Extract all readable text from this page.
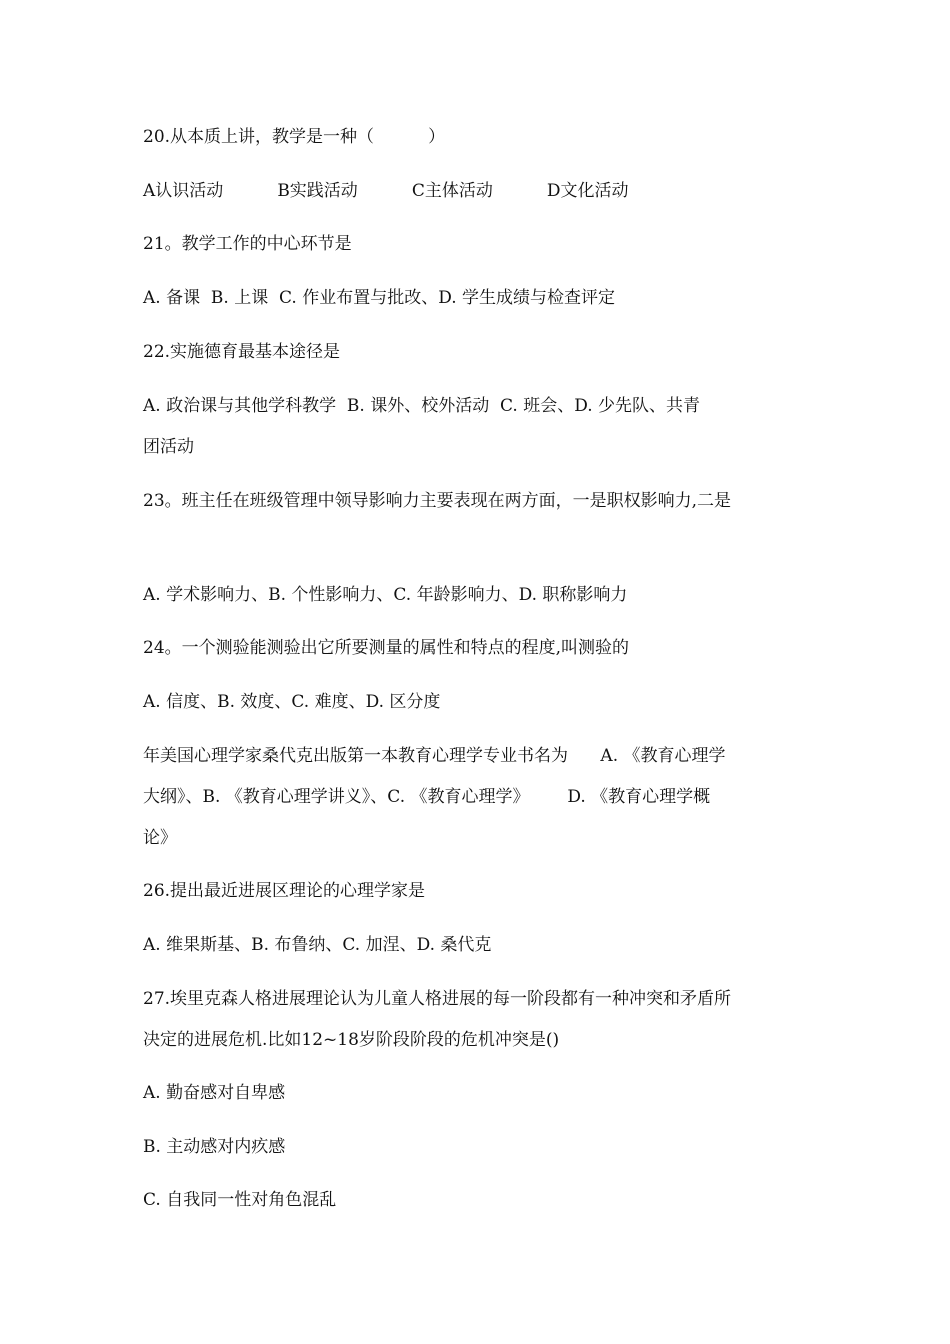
20.从本质上讲，教学是一种（          ）
A认识活动          B实践活动          C主体活动          D文化活动
21。教学工作的中心环节是
A. 备课  B. 上课  C. 作业布置与批改、D. 学生成绩与检查评定
22.实施德育最基本途径是
A. 政治课与其他学科教学  B. 课外、校外活动  C. 班会、D. 少先队、共青
团活动
23。班主任在班级管理中领导影响力主要表现在两方面，一是职权影响力,二是
A. 学术影响力、B. 个性影响力、C. 年龄影响力、D. 职称影响力
24。一个测验能测验出它所要测量的属性和特点的程度,叫测验的
A. 信度、B. 效度、C. 难度、D. 区分度
年美国心理学家桑代克出版第一本教育心理学专业书名为      A. 《教育心理学
大纲》、B. 《教育心理学讲义》、C. 《教育心理学》       D. 《教育心理学概
论》
26.提出最近进展区理论的心理学家是
A. 维果斯基、B. 布鲁纳、C. 加涅、D. 桑代克
27.埃里克森人格进展理论认为儿童人格进展的每一阶段都有一种冲突和矛盾所
决定的进展危机.比如12~18岁阶段阶段的危机冲突是()
A. 勤奋感对自卑感
B. 主动感对内疚感
C. 自我同一性对角色混乱
